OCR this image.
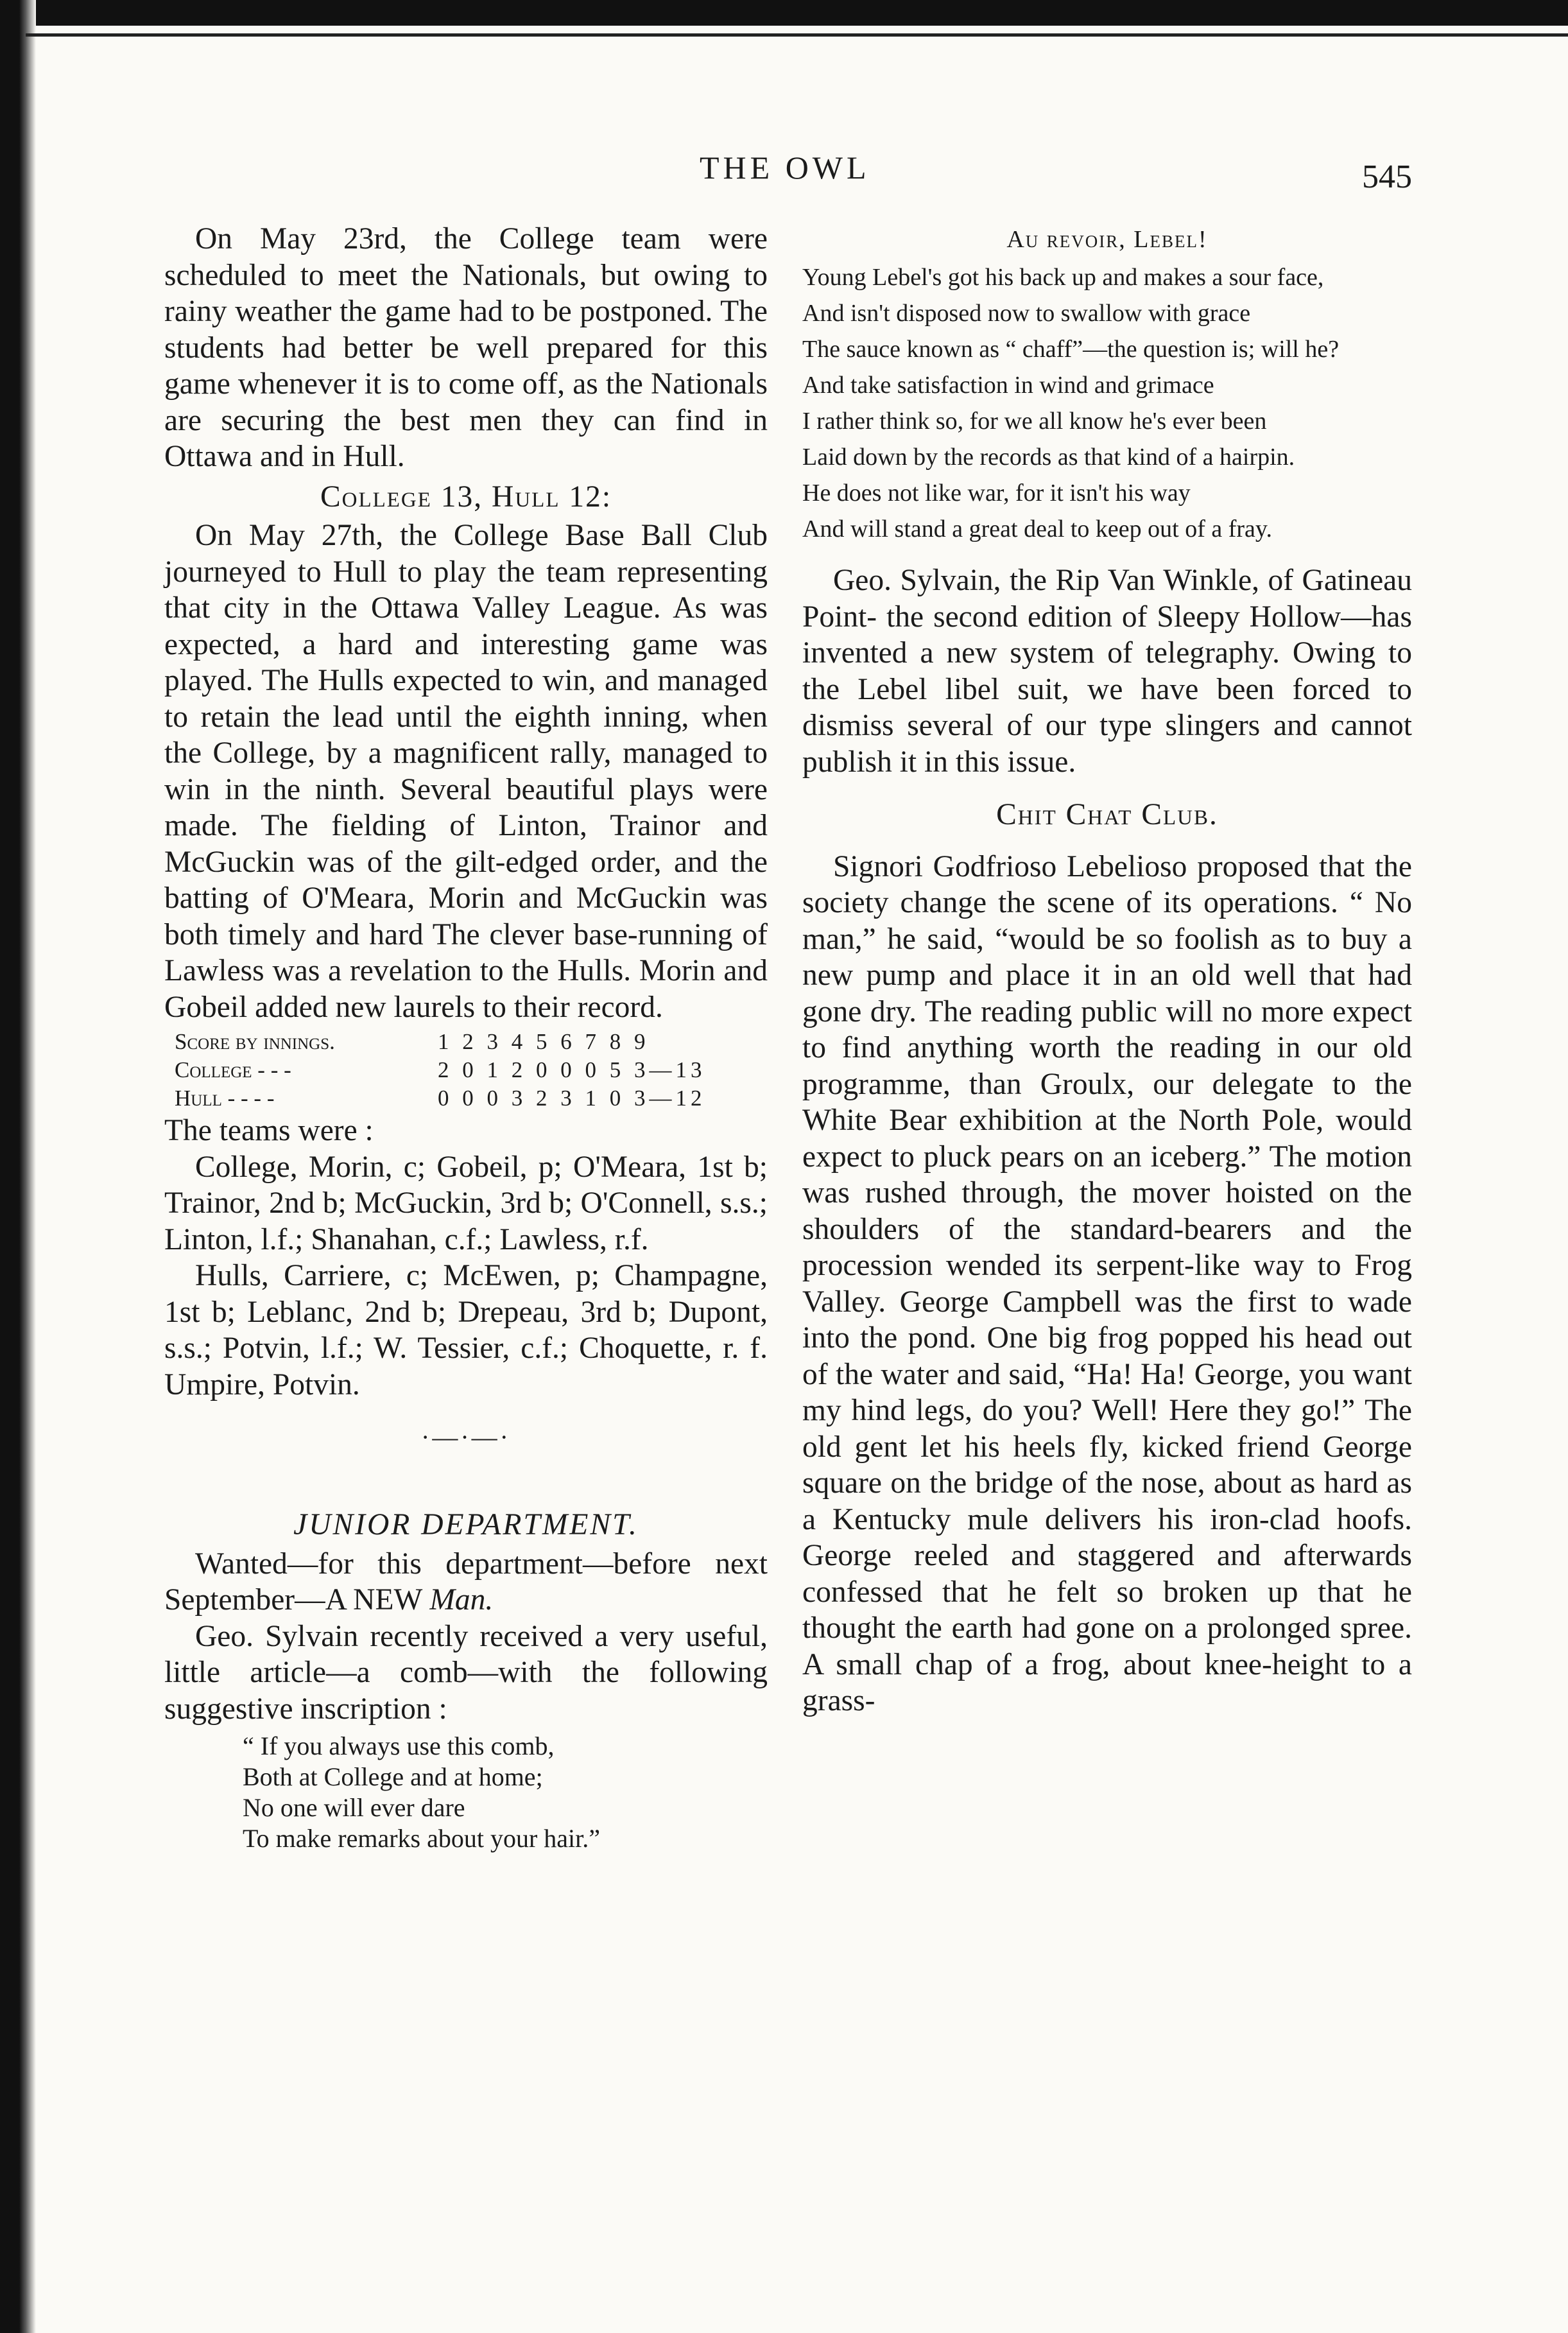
THE OWL	545

On May 23rd, the College team were scheduled to meet the Nationals, but owing to rainy weather the game had to be postponed. The students had better be well prepared for this game whenever it is to come off, as the Nationals are securing the best men they can find in Ottawa and in Hull.

College 13, Hull 12:

On May 27th, the College Base Ball Club journeyed to Hull to play the team representing that city in the Ottawa Valley League. As was expected, a hard and interesting game was played. The Hulls expected to win, and managed to retain the lead until the eighth inning, when the College, by a magnificent rally, managed to win in the ninth. Several beautiful plays were made. The fielding of Linton, Trainor and McGuckin was of the gilt-edged order, and the batting of O'Meara, Morin and McGuckin was both timely and hard The clever base-running of Lawless was a revelation to the Hulls. Morin and Gobeil added new laurels to their record.

Score by innings.	1 2 3 4 5 6 7 8 9
College - - -	2 0 1 2 0 0 0 5 3—13
Hull - - - -	0 0 0 3 2 3 1 0 3—12

The teams were :

College, Morin, c; Gobeil, p; O'Meara, 1st b; Trainor, 2nd b; McGuckin, 3rd b; O'Connell, s.s.; Linton, l.f.; Shanahan, c.f.; Lawless, r.f.

Hulls, Carriere, c; McEwen, p; Champagne, 1st b; Leblanc, 2nd b; Drepeau, 3rd b; Dupont, s.s.; Potvin, l.f.; W. Tessier, c.f.; Choquette, r. f. Umpire, Potvin.

·—·—·
JUNIOR DEPARTMENT.

Wanted—for this department—before next September—A NEW Man.

Geo. Sylvain recently received a very useful, little article—a comb—with the following suggestive inscription :

“ If you always use this comb,
Both at College and at home;
No one will ever dare
To make remarks about your hair.”
Au revoir, Lebel!

Young Lebel's got his back up and makes a sour face,

And isn't disposed now to swallow with grace

The sauce known as “ chaff”—the question is; will he?

And take satisfaction in wind and grimace

I rather think so, for we all know he's ever been

Laid down by the records as that kind of a hairpin.

He does not like war, for it isn't his way

And will stand a great deal to keep out of a fray.

Geo. Sylvain, the Rip Van Winkle, of Gatineau Point- the second edition of Sleepy Hollow—has invented a new system of telegraphy. Owing to the Lebel libel suit, we have been forced to dismiss several of our type slingers and cannot publish it in this issue.

Chit Chat Club.

Signori Godfrioso Lebelioso proposed that the society change the scene of its operations. “ No man,” he said, “would be so foolish as to buy a new pump and place it in an old well that had gone dry. The reading public will no more expect to find anything worth the reading in our old programme, than Groulx, our delegate to the White Bear exhibition at the North Pole, would expect to pluck pears on an iceberg.” The motion was rushed through, the mover hoisted on the shoulders of the standard-bearers and the procession wended its serpent-like way to Frog Valley. George Campbell was the first to wade into the pond. One big frog popped his head out of the water and said, “Ha! Ha! George, you want my hind legs, do you? Well! Here they go!” The old gent let his heels fly, kicked friend George square on the bridge of the nose, about as hard as a Kentucky mule delivers his iron-clad hoofs. George reeled and staggered and afterwards confessed that he felt so broken up that he thought the earth had gone on a prolonged spree. A small chap of a frog, about knee-height to a grass-
